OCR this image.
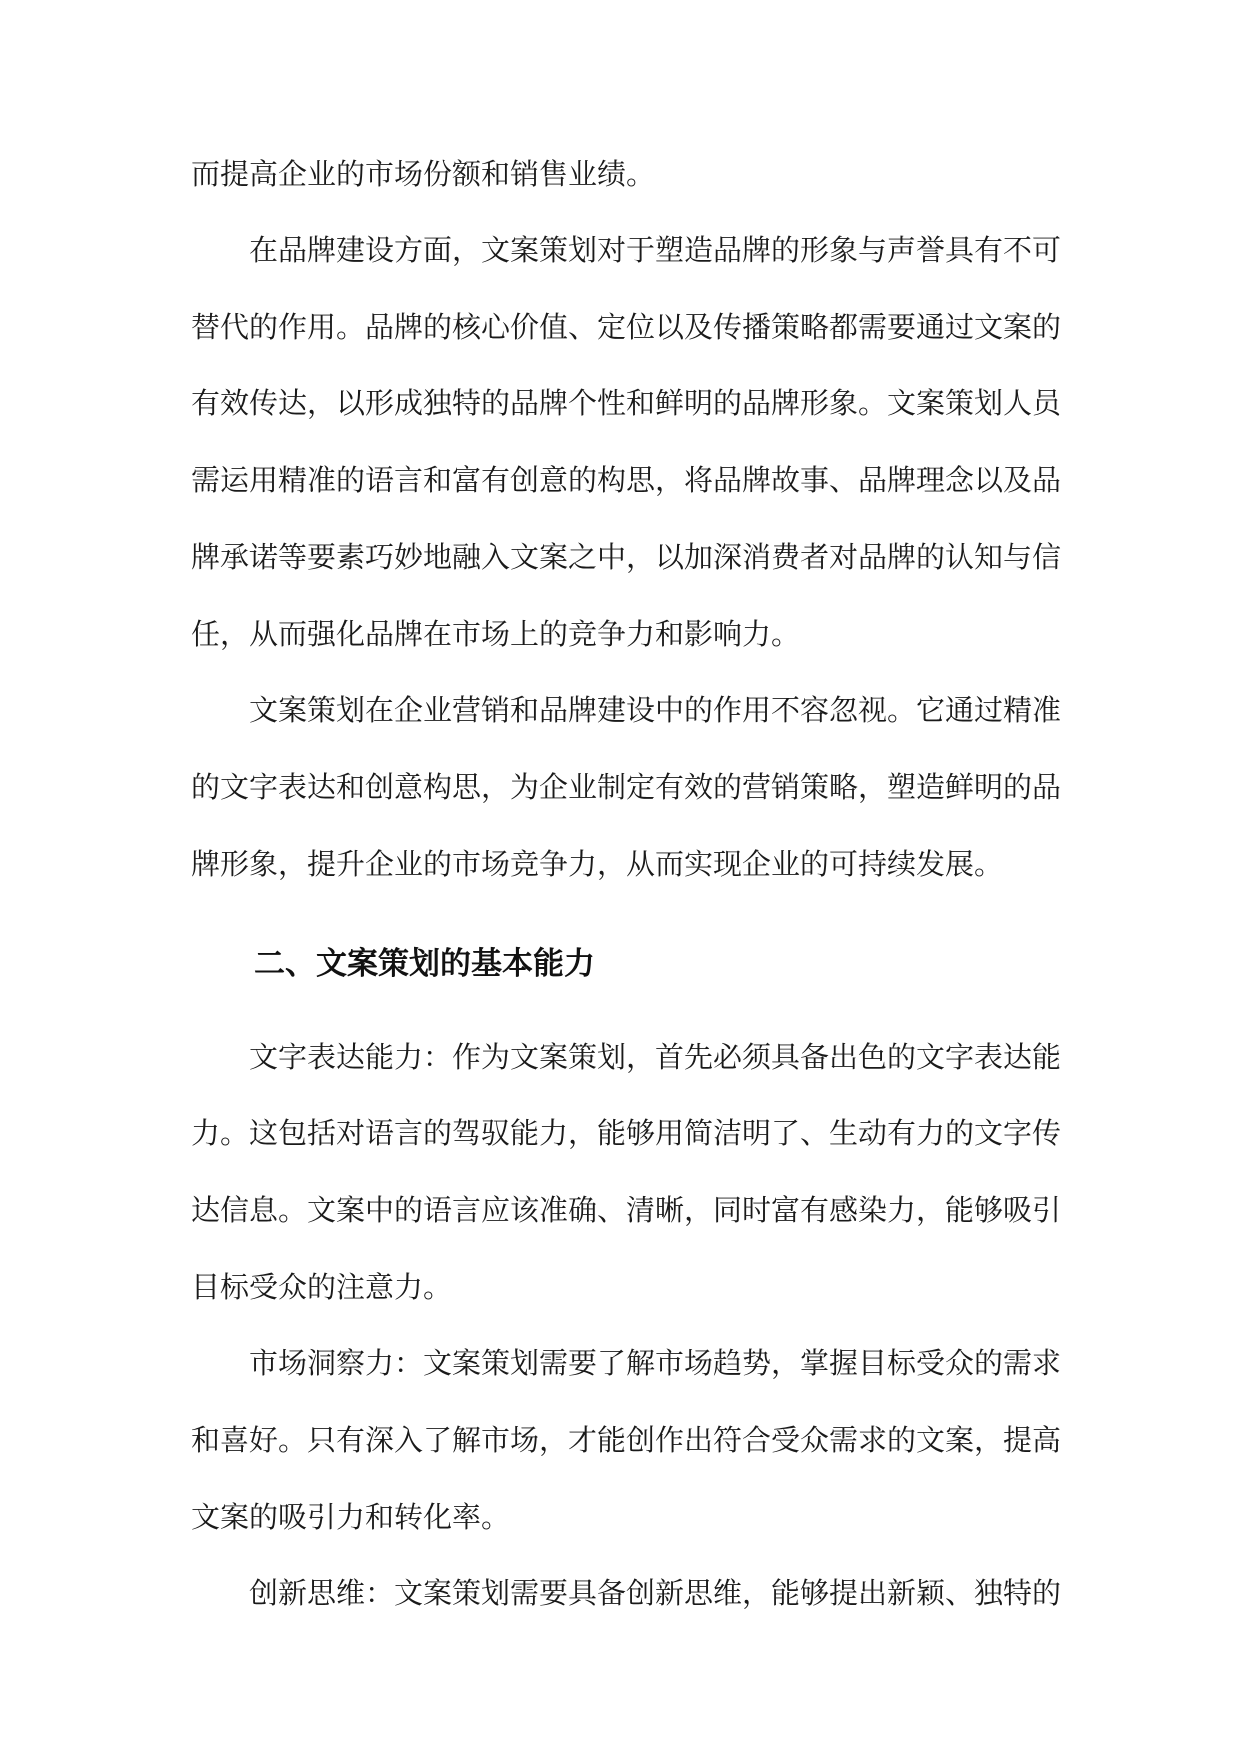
而提高企业的市场份额和销售业绩。
在品牌建设方面，文案策划对于塑造品牌的形象与声誉具有不可
替代的作用。品牌的核心价值、定位以及传播策略都需要通过文案的
有效传达，以形成独特的品牌个性和鲜明的品牌形象。文案策划人员
需运用精准的语言和富有创意的构思，将品牌故事、品牌理念以及品
牌承诺等要素巧妙地融入文案之中，以加深消费者对品牌的认知与信
任，从而强化品牌在市场上的竞争力和影响力。
文案策划在企业营销和品牌建设中的作用不容忽视。它通过精准
的文字表达和创意构思，为企业制定有效的营销策略，塑造鲜明的品
牌形象，提升企业的市场竞争力，从而实现企业的可持续发展。
二、文案策划的基本能力
文字表达能力：作为文案策划，首先必须具备出色的文字表达能
力。这包括对语言的驾驭能力，能够用简洁明了、生动有力的文字传
达信息。文案中的语言应该准确、清晰，同时富有感染力，能够吸引
目标受众的注意力。
市场洞察力：文案策划需要了解市场趋势，掌握目标受众的需求
和喜好。只有深入了解市场，才能创作出符合受众需求的文案，提高
文案的吸引力和转化率。
创新思维：文案策划需要具备创新思维，能够提出新颖、独特的
